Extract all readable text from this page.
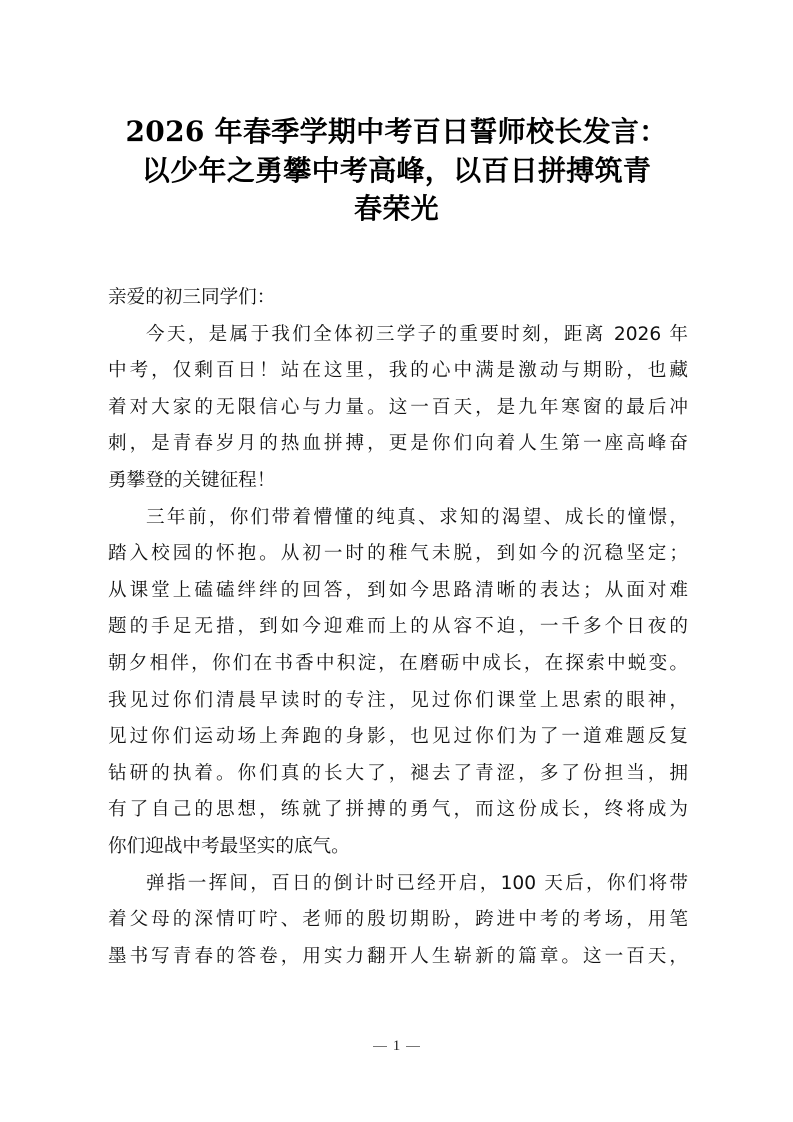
2026 年春季学期中考百日誓师校长发言：
以少年之勇攀中考高峰，以百日拼搏筑青
春荣光
亲爱的初三同学们：
今天，是属于我们全体初三学子的重要时刻，距离 2026 年
中考，仅剩百日！站在这里，我的心中满是激动与期盼，也藏
着对大家的无限信心与力量。这一百天，是九年寒窗的最后冲
刺，是青春岁月的热血拼搏，更是你们向着人生第一座高峰奋
勇攀登的关键征程！
三年前，你们带着懵懂的纯真、求知的渴望、成长的憧憬，
踏入校园的怀抱。从初一时的稚气未脱，到如今的沉稳坚定；
从课堂上磕磕绊绊的回答，到如今思路清晰的表达；从面对难
题的手足无措，到如今迎难而上的从容不迫，一千多个日夜的
朝夕相伴，你们在书香中积淀，在磨砺中成长，在探索中蜕变。
我见过你们清晨早读时的专注，见过你们课堂上思索的眼神，
见过你们运动场上奔跑的身影，也见过你们为了一道难题反复
钻研的执着。你们真的长大了，褪去了青涩，多了份担当，拥
有了自己的思想，练就了拼搏的勇气，而这份成长，终将成为
你们迎战中考最坚实的底气。
弹指一挥间，百日的倒计时已经开启，100 天后，你们将带
着父母的深情叮咛、老师的殷切期盼，跨进中考的考场，用笔
墨书写青春的答卷，用实力翻开人生崭新的篇章。这一百天，
1
